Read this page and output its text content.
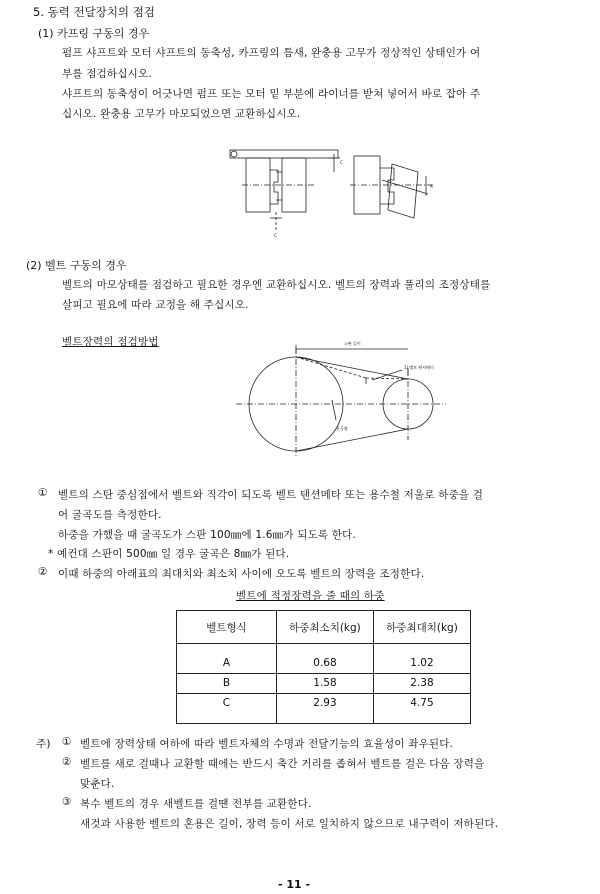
5. 동력 전달장치의 점검
(1) 카프링 구동의 경우
펌프 샤프트와 모터 샤프트의 동축성, 카프링의 틈새, 완충용 고무가 정상적인 상태인가 여
부를 점검하십시오.
샤프트의 동축성이 어긋나면 펌프 또는 모터 밑 부분에 라이너를 받쳐 넣어서 바로 잡아 주
십시오. 완충용 고무가 마모되었으면 교환하십시오.
C
C
A
(2) 벨트 구동의 경우
벨트의 마모상태를 점검하고 필요한 경우엔 교환하십시오. 벨트의 장력과 풀리의 조정상태를
살피고 필요에 따라 교정을 해 주십시오.
벨트장력의 점검방법	스판 길이
1) 벨트 텐셔메터
굴곡량
① 벨트의 스탄 중심점에서 벨트와 직각이 되도록 벨트 탠션메타 또는 용수철 저울로 하중을 걸
어 굴곡도를 측정한다.
하중을 가했을 때 굴곡도가 스판 100㎜에 1.6㎜가 되도록 한다.
* 예컨대 스판이 500㎜ 일 경우 굴곡은 8㎜가 된다.
② 이때 하중의 아래표의 최대치와 최소치 사이에 오도록 벨트의 장력을 조정한다.
벨트에 적정장력을 줄 때의 하중
벨트형식	하중최소치(kg)	하중최대치(kg)
A	0.68	1.02
B	1.58	2.38
C	2.93	4.75
주) ① 벨트에 장력상태 여하에 따라 벨트자체의 수명과 전달기능의 효율성이 좌우된다.
② 벨트를 새로 걸때나 교환할 때에는 반드시 축간 거리를 좁혀서 벨트를 걸은 다음 장력을
맞춘다.
③ 복수 벨트의 경우 새벨트를 걸땐 전부를 교환한다.
새것과 사용한 벨트의 혼용은 길이, 장력 등이 서로 일치하지 않으므로 내구력이 저하된다.
- 11 -
